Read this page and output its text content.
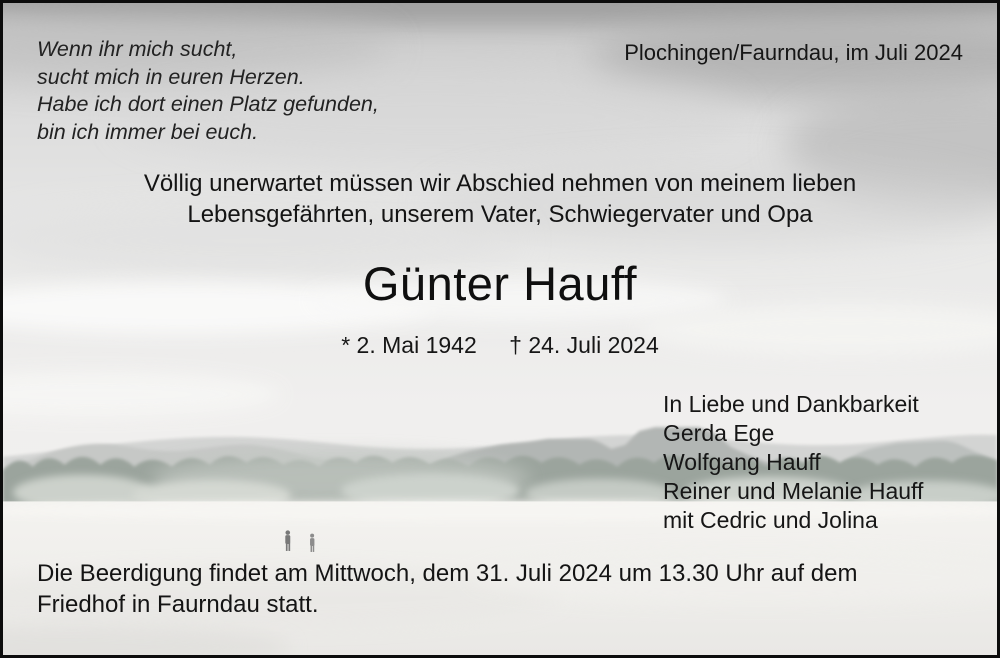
Wenn ihr mich sucht,
sucht mich in euren Herzen.
Habe ich dort einen Platz gefunden,
bin ich immer bei euch.
Plochingen/Faurndau, im Juli 2024
Völlig unerwartet müssen wir Abschied nehmen von meinem lieben
Lebensgefährten, unserem Vater, Schwiegervater und Opa
Günter Hauff
* 2. Mai 1942 † 24. Juli 2024
In Liebe und Dankbarkeit
Gerda Ege
Wolfgang Hauff
Reiner und Melanie Hauff
mit Cedric und Jolina
Die Beerdigung findet am Mittwoch, dem 31. Juli 2024 um 13.30 Uhr auf dem
Friedhof in Faurndau statt.
